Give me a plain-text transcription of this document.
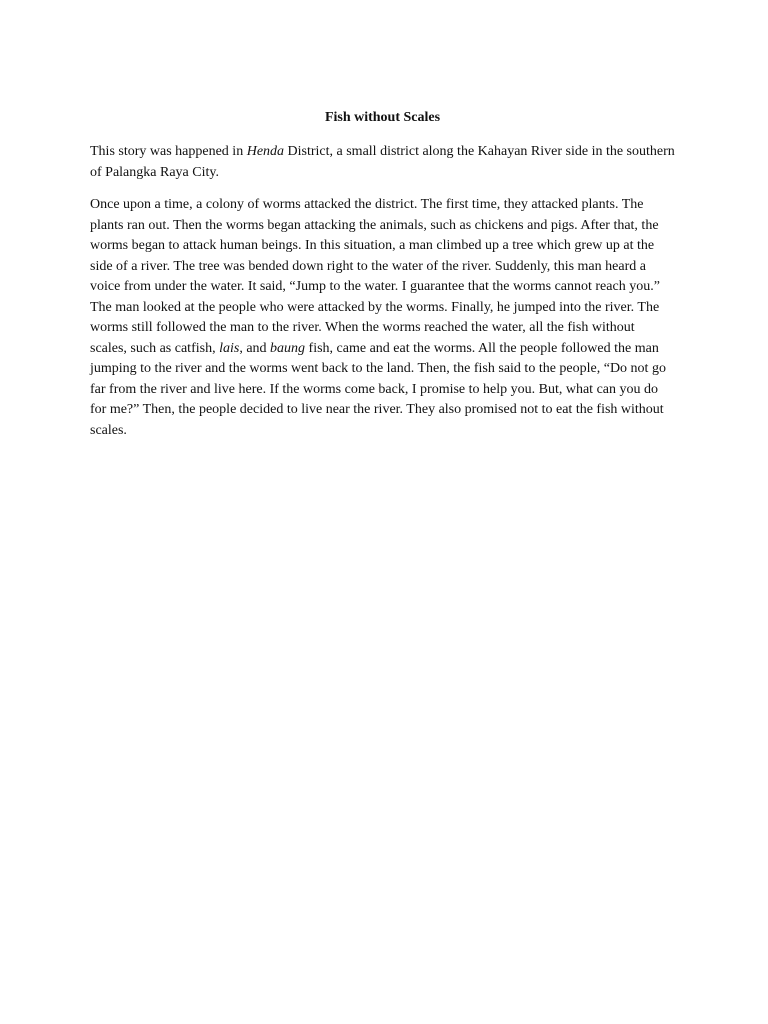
Fish without Scales

This story was happened in Henda District, a small district along the Kahayan River side in the southern of Palangka Raya City.

Once upon a time, a colony of worms attacked the district. The first time, they attacked plants. The plants ran out. Then the worms began attacking the animals, such as chickens and pigs. After that, the worms began to attack human beings. In this situation, a man climbed up a tree which grew up at the side of a river. The tree was bended down right to the water of the river. Suddenly, this man heard a voice from under the water. It said, “Jump to the water. I guarantee that the worms cannot reach you.” The man looked at the people who were attacked by the worms. Finally, he jumped into the river. The worms still followed the man to the river. When the worms reached the water, all the fish without scales, such as catfish, lais, and baung fish, came and eat the worms. All the people followed the man jumping to the river and the worms went back to the land. Then, the fish said to the people, “Do not go far from the river and live here. If the worms come back, I promise to help you. But, what can you do for me?” Then, the people decided to live near the river. They also promised not to eat the fish without scales.
